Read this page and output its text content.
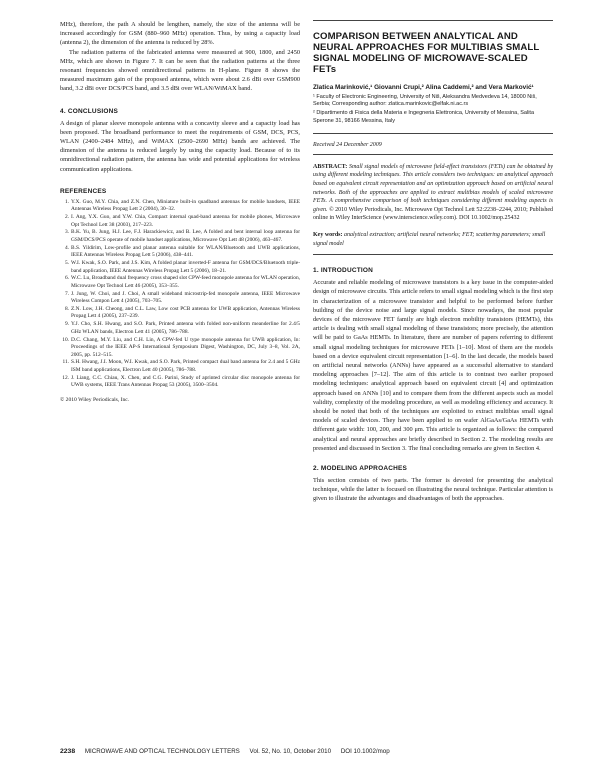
MHz), therefore, the path A should be lengthen, namely, the size of the antenna will be increased accordingly for GSM (880–960 MHz) operation. Thus, by using a capacity load (antenna 2), the dimension of the antenna is reduced by 28%.

The radiation patterns of the fabricated antenna were measured at 900, 1800, and 2450 MHz, which are shown in Figure 7. It can be seen that the radiation patterns at the three resonant frequencies showed omnidirectional patterns in H-plane. Figure 8 shows the measured maximum gain of the proposed antenna, which were about 2.6 dBi over GSM900 band, 3.2 dBi over DCS/PCS band, and 3.5 dBi over WLAN/WiMAX band.

4. CONCLUSIONS

A design of planar sleeve monopole antenna with a concavity sleeve and a capacity load has been proposed. The broadband performance to meet the requirements of GSM, DCS, PCS, WLAN (2400–2484 MHz), and WiMAX (2500–2690 MHz) bands are achieved. The dimension of the antenna is reduced largely by using the capacity load. Because of to its omnidirectional radiation pattern, the antenna has wide and potential applications for wireless communication applications.

REFERENCES
1. Y.X. Guo, M.Y. Chia, and Z.N. Chen, Miniature built-in quadband antennas for mobile handsets, IEEE Antennas Wireless Propag Lett 2 (2004), 30–32.
2. I. Ang, Y.X. Guo, and Y.W. Chia, Compact internal quad-band antenna for mobile phones, Microwave Opt Technol Lett 38 (2003), 217–223.
3. B.K. Yu, B. Jung, H.J. Lee, F.J. Harackiewicz, and B. Lee, A folded and bent internal loop antenna for GSM/DCS/PCS operate of mobile handset applications, Microwave Opt Lett 48 (2006), 463–467.
4. B.S. Yildirim, Low-profile and planar antenna suitable for WLAN/Bluetooth and UWB applications, IEEE Antennas Wireless Propag Lett 5 (2006), 438–441.
5. W.I. Kwak, S.O. Park, and J.S. Kim, A folded planar inverted-F antenna for GSM/DCS/Bluetooth triple-band application, IEEE Antennas Wireless Propag Lett 5 (2006), 18–21.
6. W.C. Lu, Broadband dual frequency cross shaped slot CPW-feed monopole antenna for WLAN operation, Microwave Opt Technol Lett 46 (2005), 353–355.
7. J. Jung, W. Choi, and J. Choi, A small wideband microstrip-fed monopole antenna, IEEE Microwave Wireless Compon Lett 4 (2005), 703–705.
8. Z.N. Low, J.H. Cheong, and C.L. Law, Low cost PCB antenna for UWB application, Antennas Wireless Propag Lett 4 (2005), 237–239.
9. Y.J. Cho, S.H. Hwang, and S.O. Park, Printed antenna with folded non-uniform meanderline for 2.4/5 GHz WLAN bands, Electron Lett 41 (2005), 786–788.
10. D.C. Chang, M.Y. Liu, and C.H. Lin, A CPW-fed U type monopole antenna for UWB application, In: Proceedings of the IEEE AP-S International Symposium Digest, Washington, DC, July 3–8, Vol. 2A, 2005, pp. 512–515.
11. S.H. Hwang, J.I. Moon, W.I. Kwak, and S.O. Park, Printed compact dual band antenna for 2.4 and 5 GHz ISM band applications, Electron Lett 40 (2005), 786–788.
12. J. Liang, C.C. Chiau, X. Chen, and C.G. Parini, Study of aprinted circular disc monopole antenna for UWB systems, IEEE Trans Antennas Propag 53 (2005), 3500–3504.
© 2010 Wiley Periodicals, Inc.
COMPARISON BETWEEN ANALYTICAL AND NEURAL APPROACHES FOR MULTIBIAS SMALL SIGNAL MODELING OF MICROWAVE-SCALED FETs
Zlatica Marinković,¹ Giovanni Crupi,² Alina Caddemi,² and Vera Marković¹
¹ Faculty of Electronic Engineering, University of Niš, Aleksandra Medvedeva 14, 18000 Niš, Serbia; Corresponding author: zlatica.marinkovic@elfak.ni.ac.rs
² Dipartimento di Fisica della Materia e Ingegneria Elettronica, University of Messina, Salita Sperone 31, 98166 Messina, Italy
Received 24 December 2009

ABSTRACT: Small signal models of microwave field-effect transistors (FETs) can be obtained by using different modeling techniques. This article considers two techniques: an analytical approach based on equivalent circuit representation and an optimization approach based on artificial neural networks. Both of the approaches are applied to extract multibias models of scaled microwave FETs. A comprehensive comparison of both techniques considering different modeling aspects is given. © 2010 Wiley Periodicals, Inc. Microwave Opt Technol Lett 52:2238–2244, 2010; Published online in Wiley InterScience (www.interscience.wiley.com). DOI 10.1002/mop.25432

Key words: analytical extraction; artificial neural networks; FET; scattering parameters; small signal model

1. INTRODUCTION

Accurate and reliable modeling of microwave transistors is a key issue in the computer-aided design of microwave circuits. This article refers to small signal modeling which is the first step in characterization of a microwave transistor and helpful to be performed before further building of the device noise and large signal models. Since nowadays, the most popular devices of the microwave FET family are high electron mobility transistors (HEMTs), this article is dealing with small signal modeling of these transistors; more precisely, the attention will be paid to GaAs HEMTs. In literature, there are number of papers referring to different small signal modeling techniques for microwave FETs [1–10]. Most of them are the models based on a device equivalent circuit representation [1–6]. In the last decade, the models based on artificial neural networks (ANNs) have appeared as a successful alternative to standard modeling approaches [7–12]. The aim of this article is to contrast two earlier proposed modeling techniques: analytical approach based on equivalent circuit [4] and optimization approach based on ANNs [10] and to compare them from the different aspects such as model validity, complexity of the modeling procedure, as well as modeling efficiency and accuracy. It should be noted that both of the techniques are exploited to extract multibias small signal models of scaled devices. They have been applied to on wafer AlGaAs/GaAs HEMTs with different gate width: 100, 200, and 300 μm. This article is organized as follows: the compared analytical and neural approaches are briefly described in Section 2. The modeling results are presented and discussed in Section 3. The final concluding remarks are given in Section 4.

2. MODELING APPROACHES

This section consists of two parts. The former is devoted for presenting the analytical technique, while the latter is focused on illustrating the neural technique. Particular attention is given to illustrate the advantages and disadvantages of both the approaches.

2238 MICROWAVE AND OPTICAL TECHNOLOGY LETTERS Vol. 52, No. 10, October 2010 DOI 10.1002/mop
